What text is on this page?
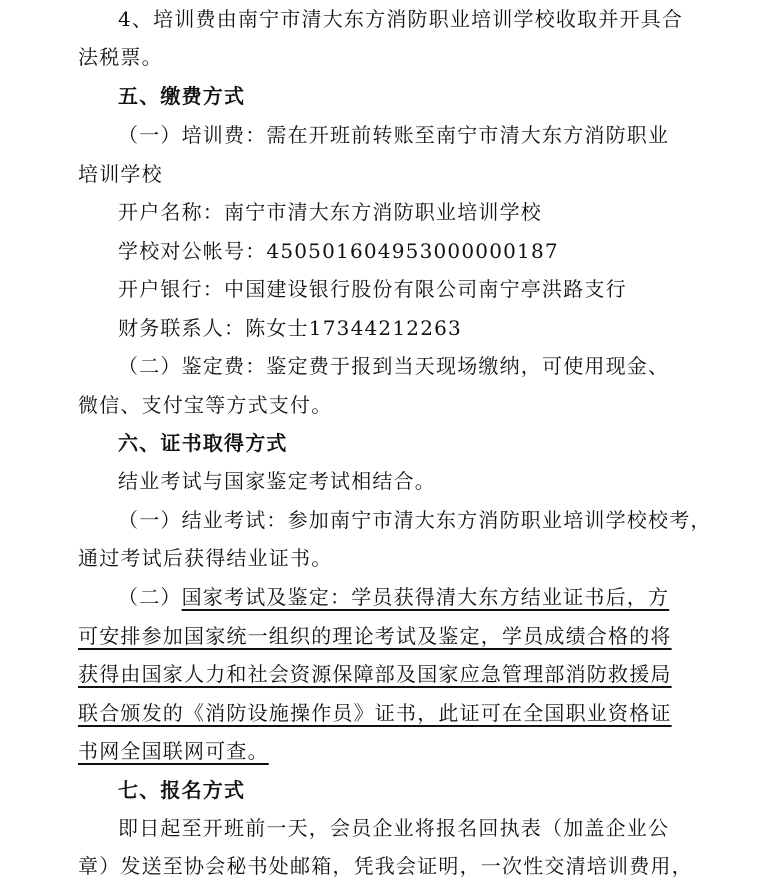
4、培训费由南宁市清大东方消防职业培训学校收取并开具合
法税票。
五、缴费方式
（一）培训费：需在开班前转账至南宁市清大东方消防职业
培训学校
开户名称：南宁市清大东方消防职业培训学校
学校对公帐号：450501604953000000187
开户银行：中国建设银行股份有限公司南宁亭洪路支行
财务联系人：陈女士17344212263
（二）鉴定费：鉴定费于报到当天现场缴纳，可使用现金、
微信、支付宝等方式支付。
六、证书取得方式
结业考试与国家鉴定考试相结合。
（一）结业考试：参加南宁市清大东方消防职业培训学校校考，
通过考试后获得结业证书。
（二）国家考试及鉴定：学员获得清大东方结业证书后，方
可安排参加国家统一组织的理论考试及鉴定，学员成绩合格的将
获得由国家人力和社会资源保障部及国家应急管理部消防救援局
联合颁发的《消防设施操作员》证书，此证可在全国职业资格证
书网全国联网可查。
七、报名方式
即日起至开班前一天，会员企业将报名回执表（加盖企业公
章）发送至协会秘书处邮箱，凭我会证明，一次性交清培训费用，
